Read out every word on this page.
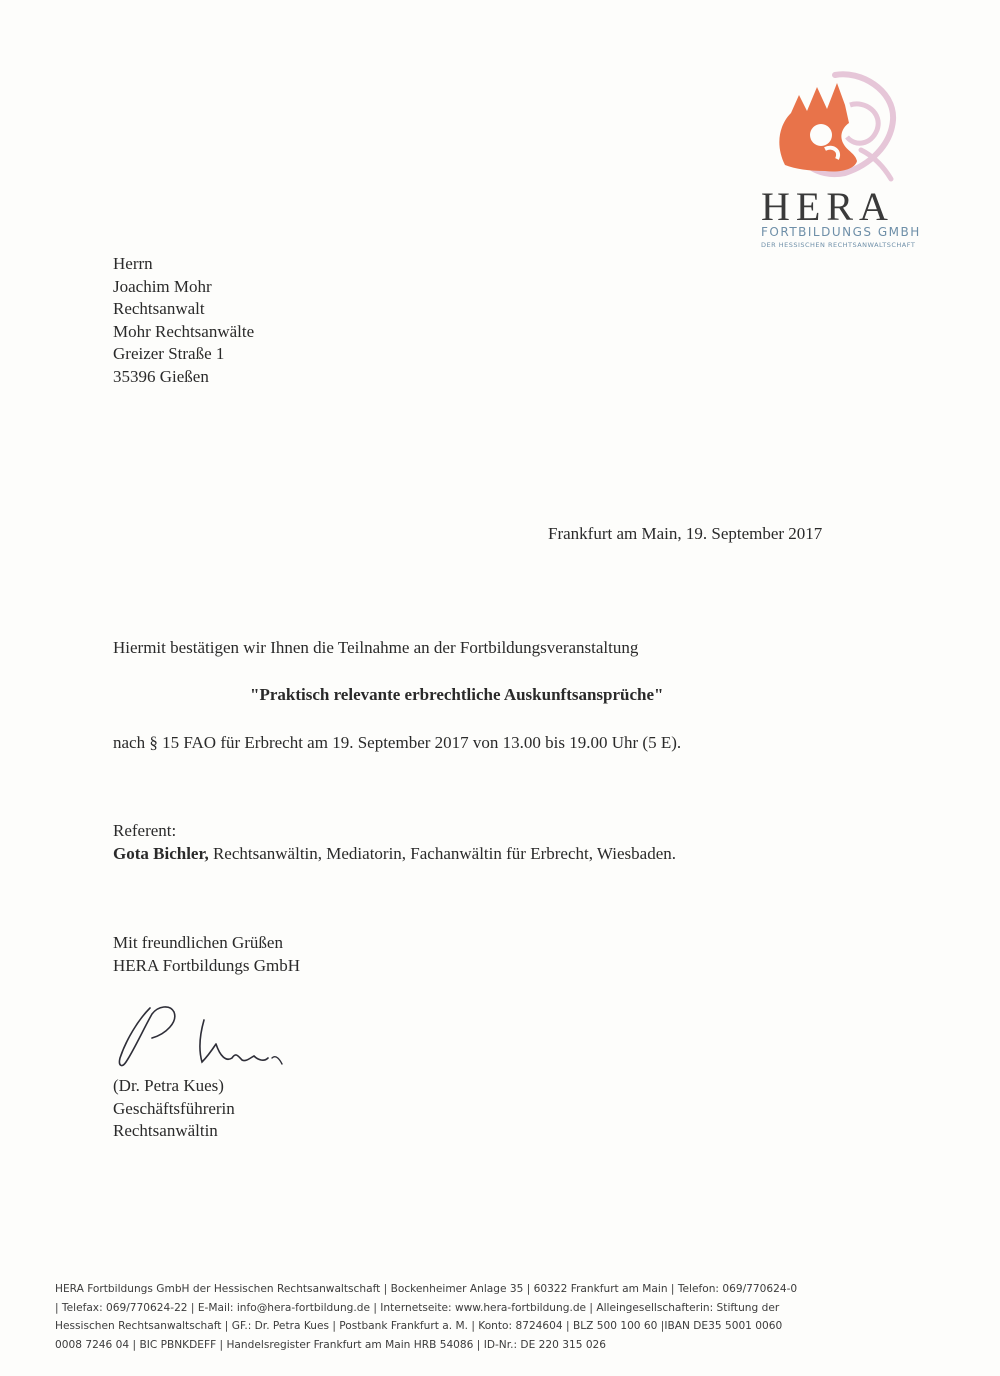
HERA
FORTBILDUNGS GMBH
DER HESSISCHEN RECHTSANWALTSCHAFT
Herrn
Joachim Mohr
Rechtsanwalt
Mohr Rechtsanwälte
Greizer Straße 1
35396 Gießen
Frankfurt am Main, 19. September 2017
Hiermit bestätigen wir Ihnen die Teilnahme an der Fortbildungsveranstaltung
"Praktisch relevante erbrechtliche Auskunftsansprüche"
nach § 15 FAO für Erbrecht am 19. September 2017 von 13.00 bis 19.00 Uhr (5 E).
Referent:
Gota Bichler, Rechtsanwältin, Mediatorin, Fachanwältin für Erbrecht, Wiesbaden.
Mit freundlichen Grüßen
HERA Fortbildungs GmbH
(Dr. Petra Kues)
Geschäftsführerin
Rechtsanwältin
HERA Fortbildungs GmbH der Hessischen Rechtsanwaltschaft | Bockenheimer Anlage 35 | 60322 Frankfurt am Main | Telefon: 069/770624-0
| Telefax: 069/770624-22 | E-Mail: info@hera-fortbildung.de | Internetseite: www.hera-fortbildung.de | Alleingesellschafterin: Stiftung der
Hessischen Rechtsanwaltschaft | GF.: Dr. Petra Kues | Postbank Frankfurt a. M. | Konto: 8724604 | BLZ 500 100 60 |IBAN DE35 5001 0060
0008 7246 04 | BIC PBNKDEFF | Handelsregister Frankfurt am Main HRB 54086 | ID-Nr.: DE 220 315 026
